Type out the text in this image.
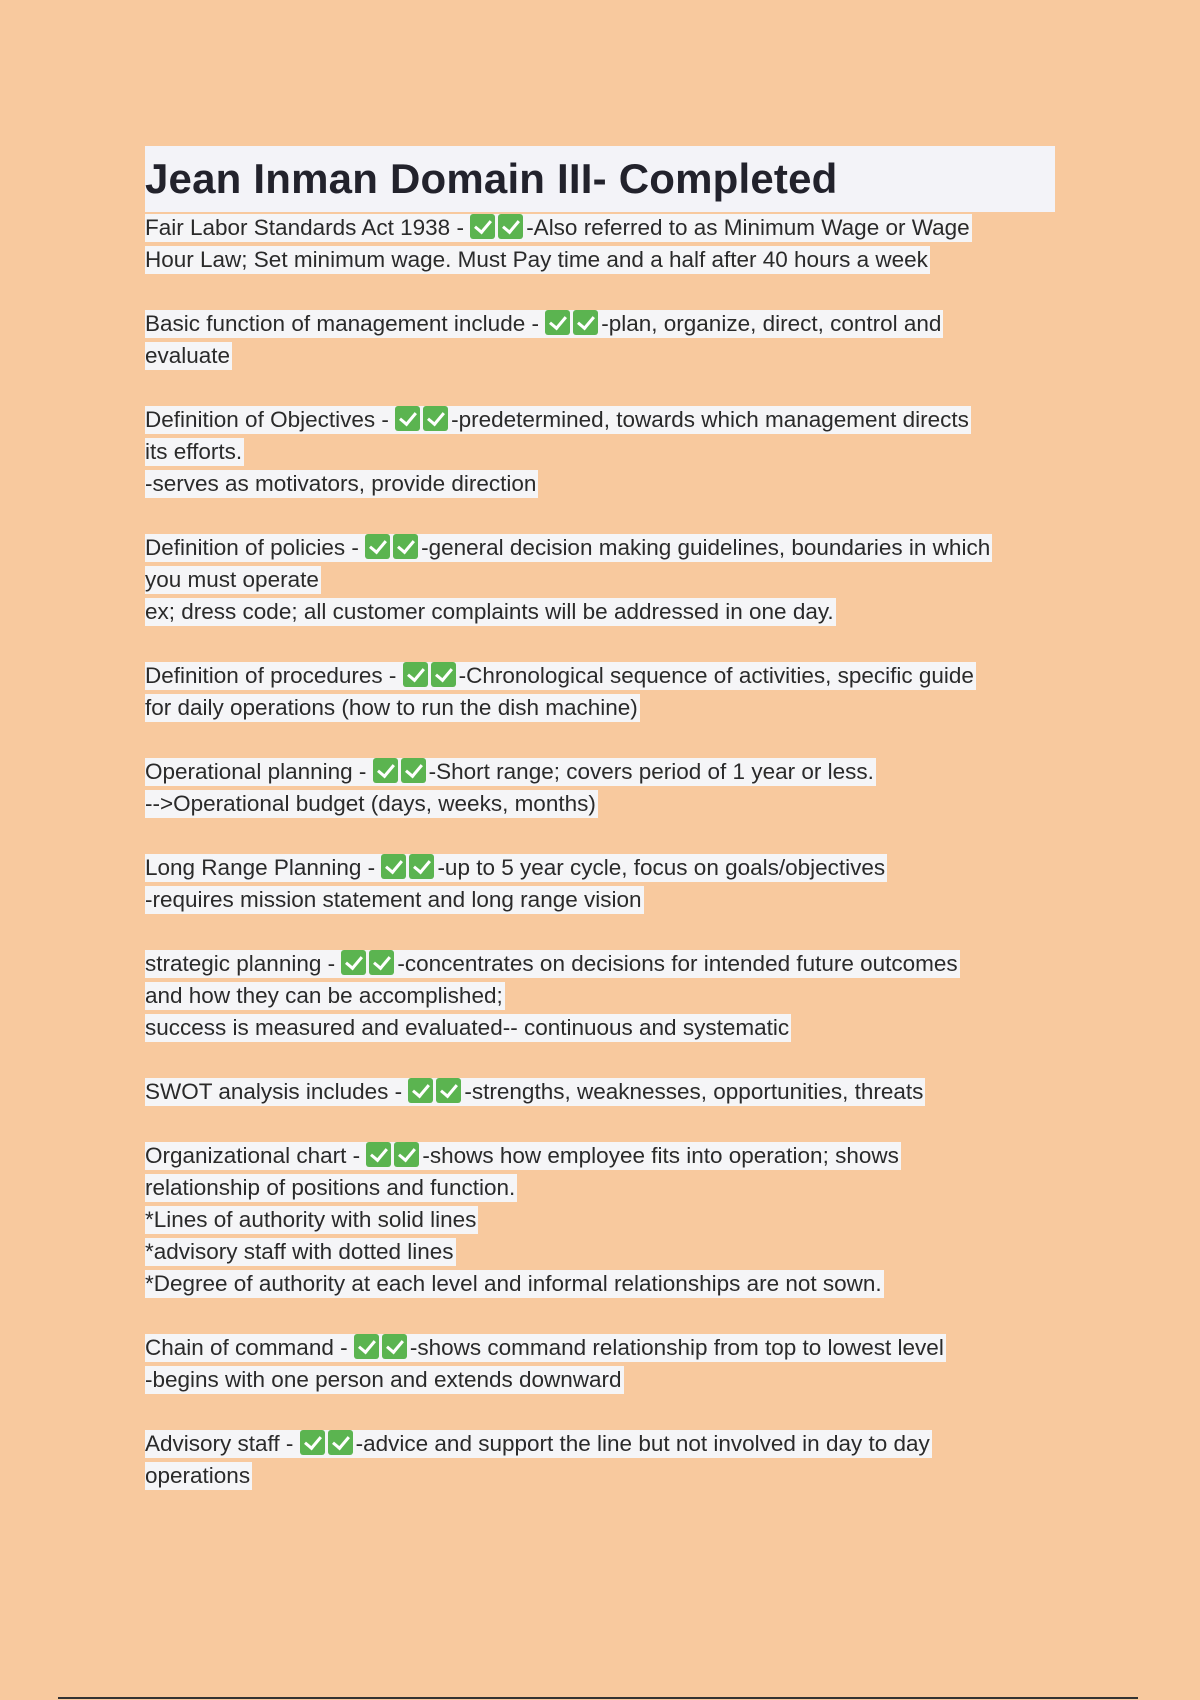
Jean Inman Domain III- Completed
Fair Labor Standards Act 1938 - -Also referred to as Minimum Wage or Wage
Hour Law; Set minimum wage. Must Pay time and a half after 40 hours a week
Basic function of management include - -plan, organize, direct, control and
evaluate
Definition of Objectives - -predetermined, towards which management directs
its efforts.
-serves as motivators, provide direction
Definition of policies - -general decision making guidelines, boundaries in which
you must operate
ex; dress code; all customer complaints will be addressed in one day.
Definition of procedures - -Chronological sequence of activities, specific guide
for daily operations (how to run the dish machine)
Operational planning - -Short range; covers period of 1 year or less.
-->Operational budget (days, weeks, months)
Long Range Planning - -up to 5 year cycle, focus on goals/objectives
-requires mission statement and long range vision
strategic planning - -concentrates on decisions for intended future outcomes
and how they can be accomplished;
success is measured and evaluated-- continuous and systematic
SWOT analysis includes - -strengths, weaknesses, opportunities, threats
Organizational chart - -shows how employee fits into operation; shows
relationship of positions and function.
*Lines of authority with solid lines
*advisory staff with dotted lines
*Degree of authority at each level and informal relationships are not sown.
Chain of command - -shows command relationship from top to lowest level
-begins with one person and extends downward
Advisory staff - -advice and support the line but not involved in day to day
operations
